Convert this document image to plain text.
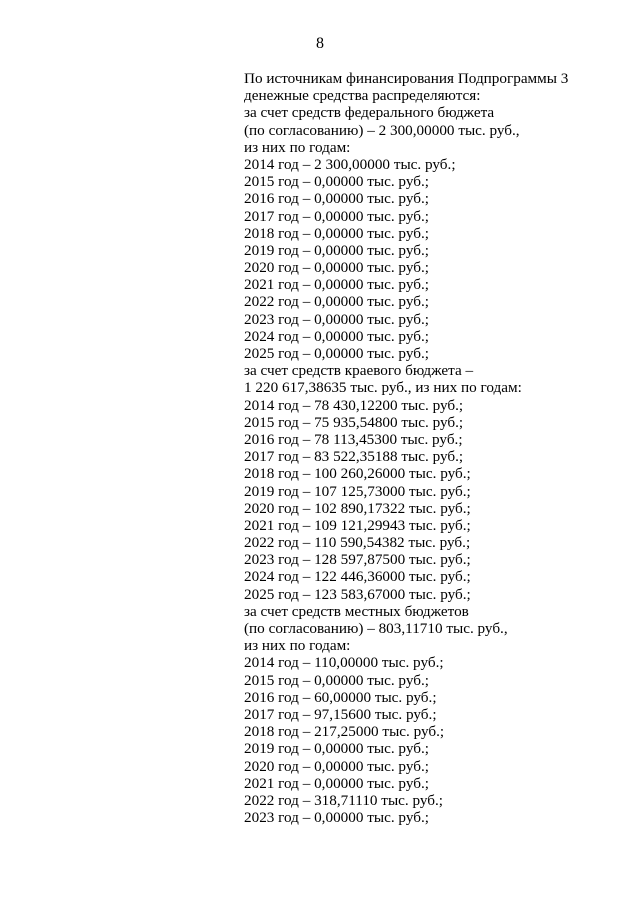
8
По источникам финансирования Подпрограммы 3
денежные средства распределяются:
за счет средств федерального бюджета
(по согласованию) – 2 300,00000 тыс. руб.,
из них по годам:
2014 год – 2 300,00000 тыс. руб.;
2015 год – 0,00000 тыс. руб.;
2016 год – 0,00000 тыс. руб.;
2017 год – 0,00000 тыс. руб.;
2018 год – 0,00000 тыс. руб.;
2019 год – 0,00000 тыс. руб.;
2020 год – 0,00000 тыс. руб.;
2021 год – 0,00000 тыс. руб.;
2022 год – 0,00000 тыс. руб.;
2023 год – 0,00000 тыс. руб.;
2024 год – 0,00000 тыс. руб.;
2025 год – 0,00000 тыс. руб.;
за счет средств краевого бюджета –
1 220 617,38635 тыс. руб., из них по годам:
2014 год – 78 430,12200 тыс. руб.;
2015 год – 75 935,54800 тыс. руб.;
2016 год – 78 113,45300 тыс. руб.;
2017 год – 83 522,35188 тыс. руб.;
2018 год – 100 260,26000 тыс. руб.;
2019 год – 107 125,73000 тыс. руб.;
2020 год – 102 890,17322 тыс. руб.;
2021 год – 109 121,29943 тыс. руб.;
2022 год – 110 590,54382 тыс. руб.;
2023 год – 128 597,87500 тыс. руб.;
2024 год – 122 446,36000 тыс. руб.;
2025 год – 123 583,67000 тыс. руб.;
за счет средств местных бюджетов
(по согласованию) – 803,11710 тыс. руб.,
из них по годам:
2014 год – 110,00000 тыс. руб.;
2015 год – 0,00000 тыс. руб.;
2016 год – 60,00000 тыс. руб.;
2017 год – 97,15600 тыс. руб.;
2018 год – 217,25000 тыс. руб.;
2019 год – 0,00000 тыс. руб.;
2020 год – 0,00000 тыс. руб.;
2021 год – 0,00000 тыс. руб.;
2022 год – 318,71110 тыс. руб.;
2023 год – 0,00000 тыс. руб.;
